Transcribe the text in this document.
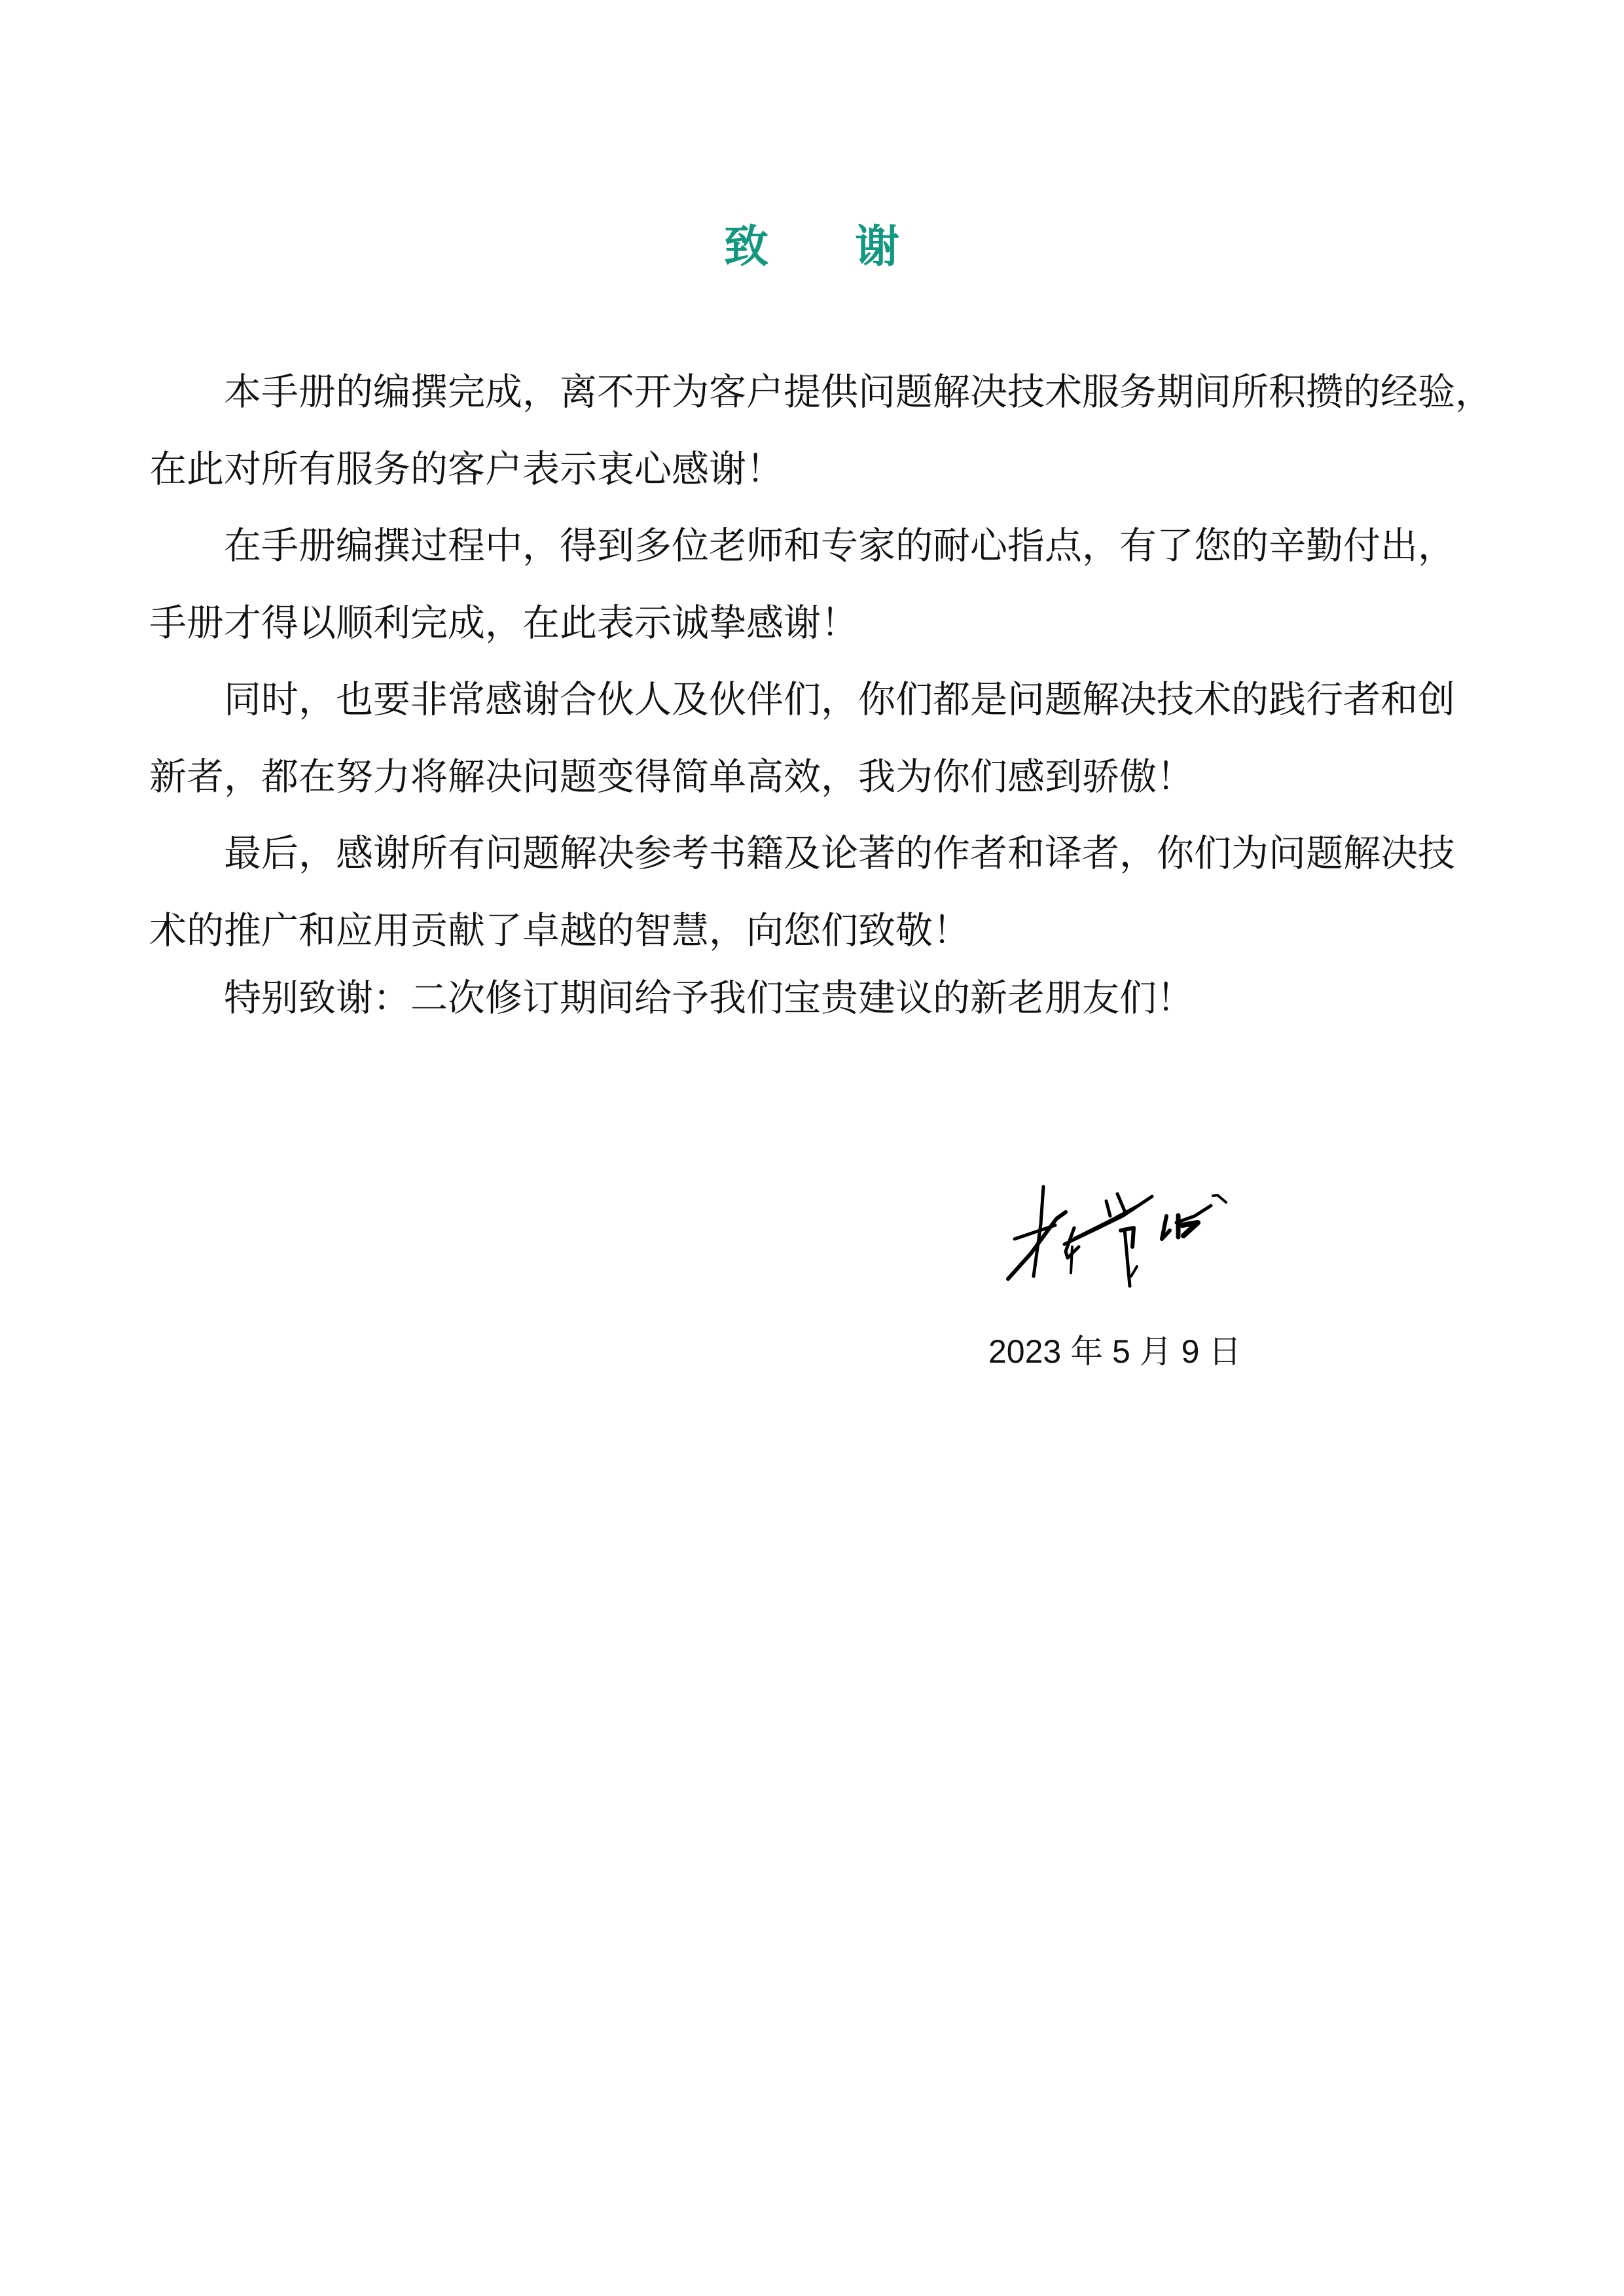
致 谢
本手册的编撰完成，离不开为客户提供问题解决技术服务期间所积攒的经验，
在此对所有服务的客户表示衷心感谢！
在手册编撰过程中，得到多位老师和专家的耐心指点，有了您的辛勤付出，
手册才得以顺利完成，在此表示诚挚感谢！
同时，也要非常感谢合伙人及伙伴们，你们都是问题解决技术的践行者和创
新者，都在努力将解决问题变得简单高效，我为你们感到骄傲！
最后，感谢所有问题解决参考书籍及论著的作者和译者，你们为问题解决技
术的推广和应用贡献了卓越的智慧，向您们致敬！
特别致谢：二次修订期间给予我们宝贵建议的新老朋友们！
2023 年 5 月 9 日
